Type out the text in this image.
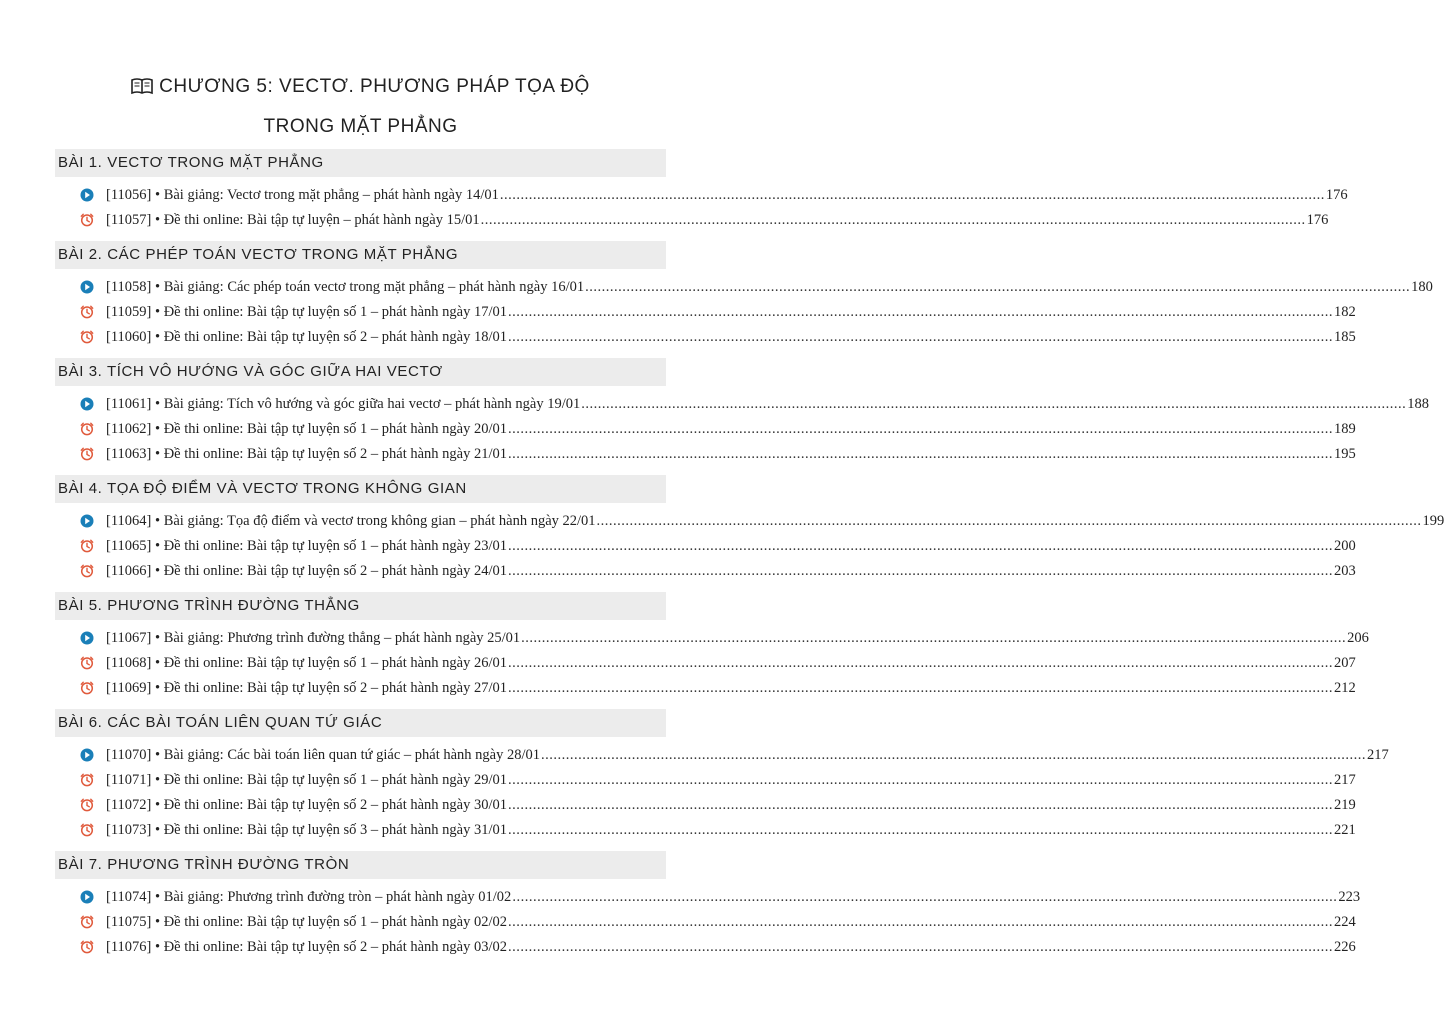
CHƯƠNG 5: VECTƠ. PHƯƠNG PHÁP TỌA ĐỘ
TRONG MẶT PHẲNG
BÀI 1. VECTƠ TRONG MẶT PHẲNG
[11056] • Bài giảng: Vectơ trong mặt phẳng – phát hành ngày 14/01 ........................................................................................................................................................................................................ 176
[11057] • Đề thi online: Bài tập tự luyện – phát hành ngày 15/01 ........................................................................................................................................................................................................ 176
BÀI 2. CÁC PHÉP TOÁN VECTƠ TRONG MẶT PHẲNG
[11058] • Bài giảng: Các phép toán vectơ trong mặt phẳng – phát hành ngày 16/01 ........................................................................................................................................................................................................ 180
[11059] • Đề thi online: Bài tập tự luyện số 1 – phát hành ngày 17/01 ........................................................................................................................................................................................................ 182
[11060] • Đề thi online: Bài tập tự luyện số 2 – phát hành ngày 18/01 ........................................................................................................................................................................................................ 185
BÀI 3. TÍCH VÔ HƯỚNG VÀ GÓC GIỮA HAI VECTƠ
[11061] • Bài giảng: Tích vô hướng và góc giữa hai vectơ – phát hành ngày 19/01 ........................................................................................................................................................................................................ 188
[11062] • Đề thi online: Bài tập tự luyện số 1 – phát hành ngày 20/01 ........................................................................................................................................................................................................ 189
[11063] • Đề thi online: Bài tập tự luyện số 2 – phát hành ngày 21/01 ........................................................................................................................................................................................................ 195
BÀI 4. TỌA ĐỘ ĐIỂM VÀ VECTƠ TRONG KHÔNG GIAN
[11064] • Bài giảng: Tọa độ điểm và vectơ trong không gian – phát hành ngày 22/01 ........................................................................................................................................................................................................ 199
[11065] • Đề thi online: Bài tập tự luyện số 1 – phát hành ngày 23/01 ........................................................................................................................................................................................................ 200
[11066] • Đề thi online: Bài tập tự luyện số 2 – phát hành ngày 24/01 ........................................................................................................................................................................................................ 203
BÀI 5. PHƯƠNG TRÌNH ĐƯỜNG THẲNG
[11067] • Bài giảng: Phương trình đường thẳng – phát hành ngày 25/01 ........................................................................................................................................................................................................ 206
[11068] • Đề thi online: Bài tập tự luyện số 1 – phát hành ngày 26/01 ........................................................................................................................................................................................................ 207
[11069] • Đề thi online: Bài tập tự luyện số 2 – phát hành ngày 27/01 ........................................................................................................................................................................................................ 212
BÀI 6. CÁC BÀI TOÁN LIÊN QUAN TỨ GIÁC
[11070] • Bài giảng: Các bài toán liên quan tứ giác – phát hành ngày 28/01 ........................................................................................................................................................................................................ 217
[11071] • Đề thi online: Bài tập tự luyện số 1 – phát hành ngày 29/01 ........................................................................................................................................................................................................ 217
[11072] • Đề thi online: Bài tập tự luyện số 2 – phát hành ngày 30/01 ........................................................................................................................................................................................................ 219
[11073] • Đề thi online: Bài tập tự luyện số 3 – phát hành ngày 31/01 ........................................................................................................................................................................................................ 221
BÀI 7. PHƯƠNG TRÌNH ĐƯỜNG TRÒN
[11074] • Bài giảng: Phương trình đường tròn – phát hành ngày 01/02 ........................................................................................................................................................................................................ 223
[11075] • Đề thi online: Bài tập tự luyện số 1 – phát hành ngày 02/02 ........................................................................................................................................................................................................ 224
[11076] • Đề thi online: Bài tập tự luyện số 2 – phát hành ngày 03/02 ........................................................................................................................................................................................................ 226
